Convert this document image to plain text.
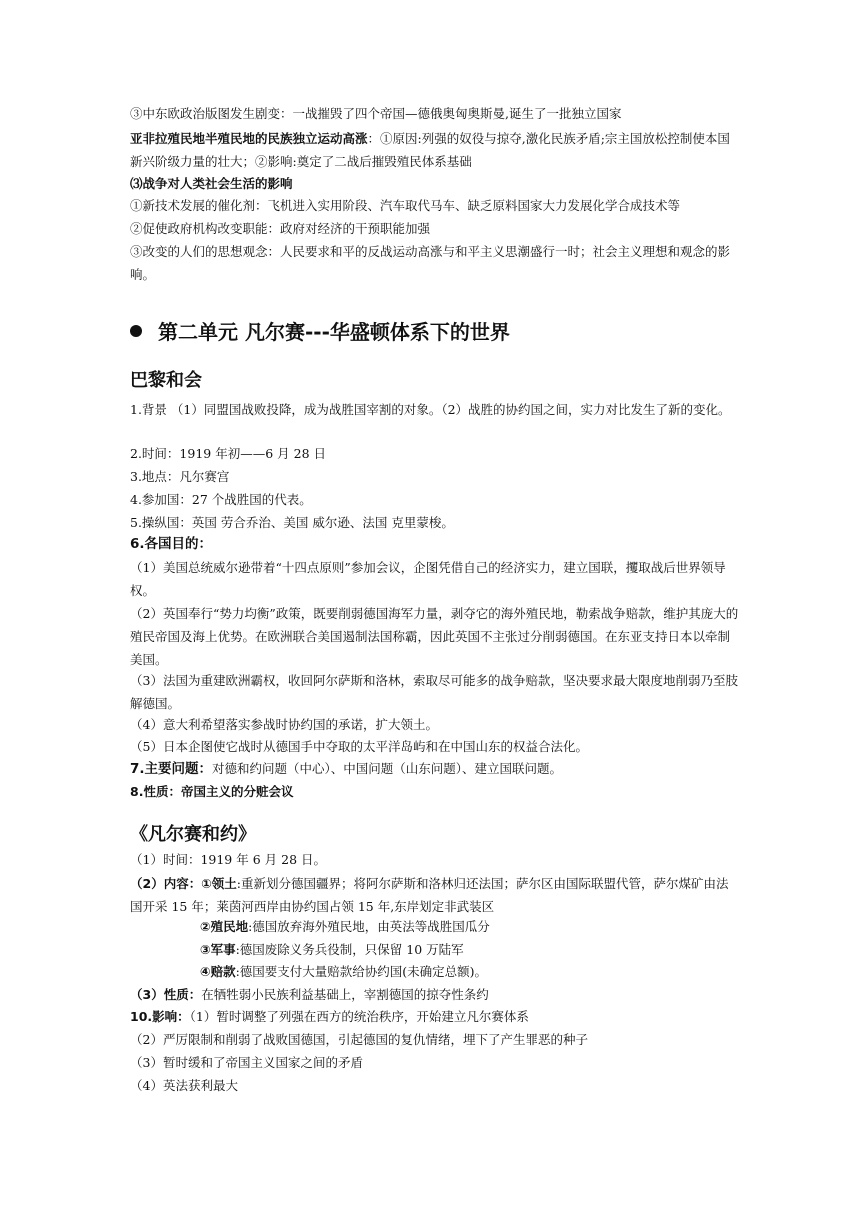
③中东欧政治版图发生剧变：一战摧毁了四个帝国—德俄奥匈奥斯曼,诞生了一批独立国家
亚非拉殖民地半殖民地的民族独立运动高涨：①原因:列强的奴役与掠夺,激化民族矛盾;宗主国放松控制使本国新兴阶级力量的壮大；②影响:奠定了二战后摧毁殖民体系基础
⑶战争对人类社会生活的影响
①新技术发展的催化剂：飞机进入实用阶段、汽车取代马车、缺乏原料国家大力发展化学合成技术等
②促使政府机构改变职能：政府对经济的干预职能加强
③改变的人们的思想观念：人民要求和平的反战运动高涨与和平主义思潮盛行一时；社会主义理想和观念的影响。
第二单元 凡尔赛---华盛顿体系下的世界
巴黎和会
1.背景 （1）同盟国战败投降，成为战胜国宰割的对象。（2）战胜的协约国之间，实力对比发生了新的变化。
2.时间：1919 年初——6 月 28 日
3.地点：凡尔赛宫
4.参加国：27 个战胜国的代表。
5.操纵国：英国 劳合乔治、美国 威尔逊、法国 克里蒙梭。
6.各国目的：
（1）美国总统威尔逊带着“十四点原则”参加会议，企图凭借自己的经济实力，建立国联，攫取战后世界领导权。
（2）英国奉行“势力均衡”政策，既要削弱德国海军力量，剥夺它的海外殖民地，勒索战争赔款，维护其庞大的殖民帝国及海上优势。在欧洲联合美国遏制法国称霸，因此英国不主张过分削弱德国。在东亚支持日本以牵制美国。
（3）法国为重建欧洲霸权，收回阿尔萨斯和洛林，索取尽可能多的战争赔款，坚决要求最大限度地削弱乃至肢解德国。
（4）意大利希望落实参战时协约国的承诺，扩大领土。
（5）日本企图使它战时从德国手中夺取的太平洋岛屿和在中国山东的权益合法化。
7.主要问题：对德和约问题（中心）、中国问题（山东问题）、建立国联问题。
8.性质：帝国主义的分赃会议
《凡尔赛和约》
（1）时间：1919 年 6 月 28 日。
（2）内容：①领土:重新划分德国疆界；将阿尔萨斯和洛林归还法国；萨尔区由国际联盟代管，萨尔煤矿由法国开采 15 年；莱茵河西岸由协约国占领 15 年,东岸划定非武装区
②殖民地:德国放弃海外殖民地，由英法等战胜国瓜分
③军事:德国废除义务兵役制，只保留 10 万陆军
④赔款:德国要支付大量赔款给协约国(未确定总额)。
（3）性质：在牺牲弱小民族利益基础上，宰割德国的掠夺性条约
10.影响：（1）暂时调整了列强在西方的统治秩序，开始建立凡尔赛体系
（2）严厉限制和削弱了战败国德国，引起德国的复仇情绪，埋下了产生罪恶的种子
（3）暂时缓和了帝国主义国家之间的矛盾
（4）英法获利最大
